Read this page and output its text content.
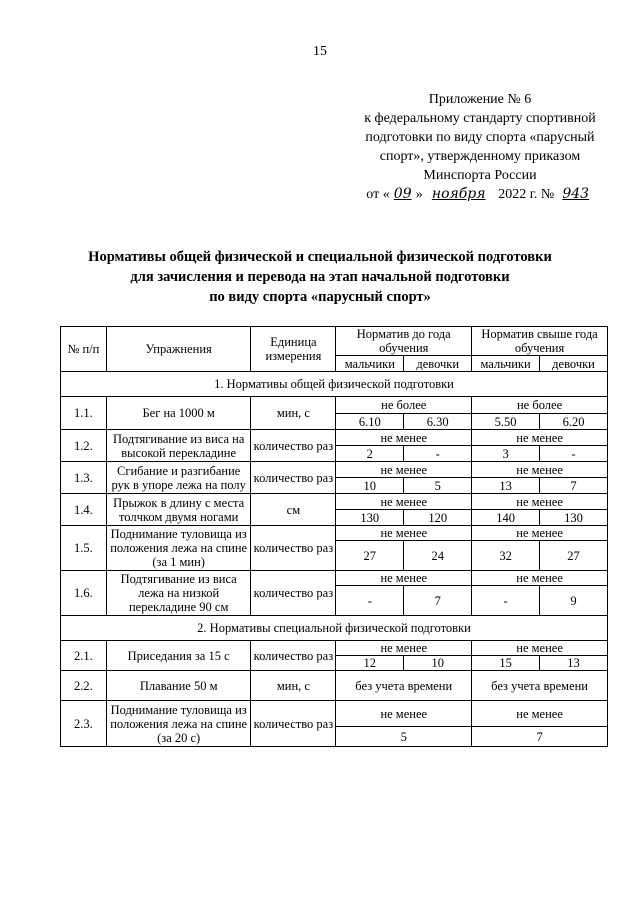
15
Приложение № 6
к федеральному стандарту спортивной
подготовки по виду спорта «парусный
спорт», утвержденному приказом
Минспорта России
от « 09 » ноября 2022 г. № 943
Нормативы общей физической и специальной физической подготовки
для зачисления и перевода на этап начальной подготовки
по виду спорта «парусный спорт»
№ п/п	Упражнения	Единица измерения	Норматив до года обучения		Норматив свыше года обучения	
			мальчики	девочки	мальчики	девочки
1. Нормативы общей физической подготовки						
1.1.	Бег на 1000 м	мин, с	не более		не более	
			6.10	6.30	5.50	6.20
1.2.	Подтягивание из виса на высокой перекладине	количество раз	не менее		не менее	
			2	-	3	-
1.3.	Сгибание и разгибание рук в упоре лежа на полу	количество раз	не менее		не менее	
			10	5	13	7
1.4.	Прыжок в длину с места толчком двумя ногами	см	не менее		не менее	
			130	120	140	130
1.5.	Поднимание туловища из положения лежа на спине (за 1 мин)	количество раз	не менее		не менее	
			27	24	32	27
1.6.	Подтягивание из виса лежа на низкой перекладине 90 см	количество раз	не менее		не менее	
			-	7	-	9
2. Нормативы специальной физической подготовки						
2.1.	Приседания за 15 с	количество раз	не менее		не менее	
			12	10	15	13
2.2.	Плавание 50 м	мин, с	без учета времени		без учета времени	
2.3.	Поднимание туловища из положения лежа на спине (за 20 с)	количество раз	не менее		не менее	
			5		7	
